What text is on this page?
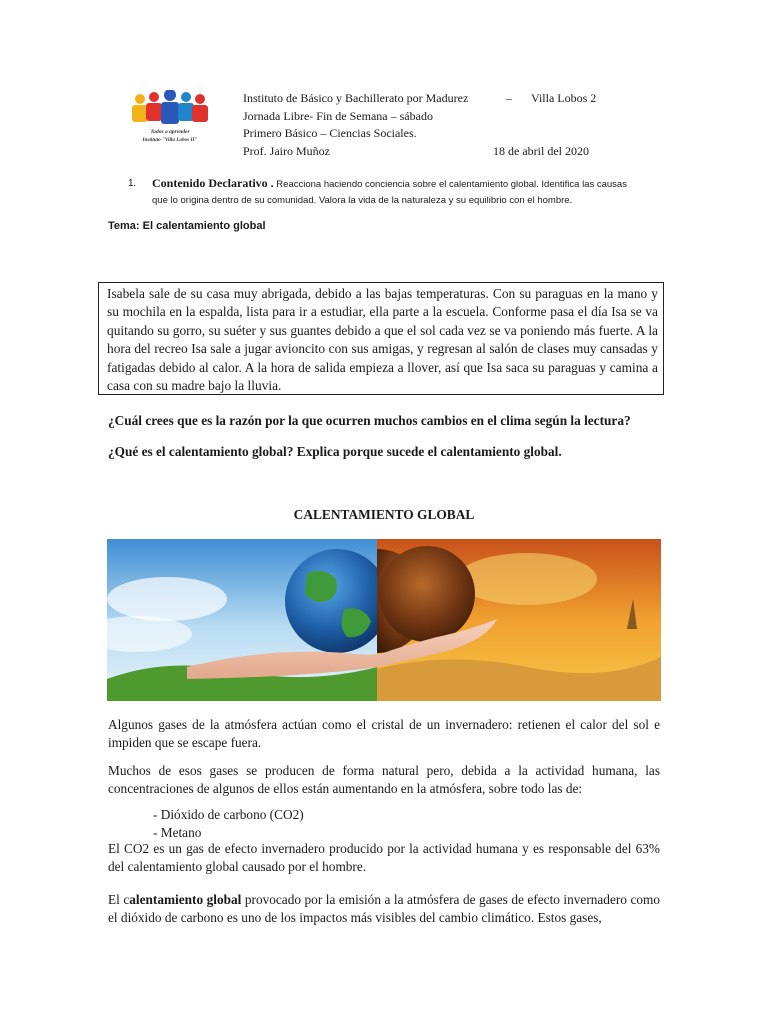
Todos a aprender
Instituto "Villa Lobos II"
Instituto de Básico y Bachillerato por Madurez	–	Villa Lobos 2
Jornada Libre- Fin de Semana – sábado
Primero Básico – Ciencias Sociales.
Prof. Jairo Muñoz	18 de abril del 2020
1. Contenido Declarativo . Reacciona haciendo conciencia sobre el calentamiento global. Identifica las causas
que lo origina dentro de su comunidad. Valora la vida de la naturaleza y su equilibrio con el hombre.
Tema: El calentamiento global
Isabela sale de su casa muy abrigada, debido a las bajas temperaturas. Con su paraguas en la mano y su mochila en la espalda, lista para ir a estudiar, ella parte a la escuela. Conforme pasa el día Isa se va quitando su gorro, su suéter y sus guantes debido a que el sol cada vez se va poniendo más fuerte. A la hora del recreo Isa sale a jugar avioncito con sus amigas, y regresan al salón de clases muy cansadas y fatigadas debido al calor. A la hora de salida empieza a llover, así que Isa saca su paraguas y camina a casa con su madre bajo la lluvia.
¿Cuál crees que es la razón por la que ocurren muchos cambios en el clima según la lectura?
¿Qué es el calentamiento global? Explica porque sucede el calentamiento global.
CALENTAMIENTO GLOBAL
Algunos gases de la atmósfera actúan como el cristal de un invernadero: retienen el calor del sol e impiden que se escape fuera.
Muchos de esos gases se producen de forma natural pero, debida a la actividad humana, las concentraciones de algunos de ellos están aumentando en la atmósfera, sobre todo las de:
- Dióxido de carbono (CO2)
- Metano
El CO2 es un gas de efecto invernadero producido por la actividad humana y es responsable del 63% del calentamiento global causado por el hombre.
El calentamiento global provocado por la emisión a la atmósfera de gases de efecto invernadero como el dióxido de carbono es uno de los impactos más visibles del cambio climático. Estos gases,
